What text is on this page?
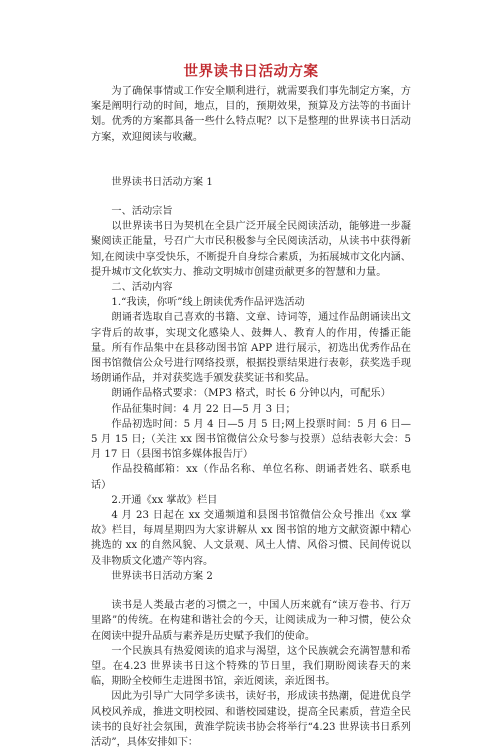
世界读书日活动方案

为了确保事情或工作安全顺利进行，就需要我们事先制定方案，方案是阐明行动的时间，地点，目的，预期效果，预算及方法等的书面计划。优秀的方案都具备一些什么特点呢？以下是整理的世界读书日活动方案，欢迎阅读与收藏。

世界读书日活动方案 1

一、活动宗旨

以世界读书日为契机在全县广泛开展全民阅读活动，能够进一步凝聚阅读正能量，号召广大市民积极参与全民阅读活动，从读书中获得新知,在阅读中享受快乐，不断提升自身综合素质，为拓展城市文化内涵、提升城市文化软实力、推动文明城市创建贡献更多的智慧和力量。

二、活动内容

1.“我读，你听”线上朗读优秀作品评选活动

朗诵者选取自己喜欢的书籍、文章、诗词等，通过作品朗诵读出文字背后的故事，实现文化感染人、鼓舞人、教育人的作用，传播正能量。所有作品集中在县移动图书馆 APP 进行展示，初选出优秀作品在图书馆微信公众号进行网络投票，根据投票结果进行表彰，获奖选手现场朗诵作品，并对获奖选手颁发获奖证书和奖品。

朗诵作品格式要求：（MP3 格式，时长 6 分钟以内，可配乐）

作品征集时间：4 月 22 日—5 月 3 日；

作品初选时间：5 月 4 日—5 月 5 日;网上投票时间：5 月 6 日—5 月 15 日;（关注 xx 图书馆微信公众号参与投票）总结表彰大会：5 月 17 日（县图书馆多媒体报告厅）

作品投稿邮箱：xx（作品名称、单位名称、朗诵者姓名、联系电话）

2.开通《xx 掌故》栏目

4 月 23 日起在 xx 交通频道和县图书馆微信公众号推出《xx 掌故》栏目，每周星期四为大家讲解从 xx 图书馆的地方文献资源中精心挑选的 xx 的自然风貌、人文景观、风土人情、风俗习惯、民间传说以及非物质文化遗产等内容。

世界读书日活动方案 2

读书是人类最古老的习惯之一，中国人历来就有“读万卷书、行万里路”的传统。在构建和谐社会的今天，让阅读成为一种习惯，使公众在阅读中提升品质与素养是历史赋予我们的使命。

一个民族具有热爱阅读的追求与渴望，这个民族就会充满智慧和希望。在4.23 世界读书日这个特殊的节日里，我们期盼阅读春天的来临，期盼全校师生走进图书馆，亲近阅读，亲近图书。

因此为引导广大同学多读书，读好书，形成读书热潮，促进优良学风校风养成，推进文明校园、和谐校园建设，提高全民素质，营造全民读书的良好社会氛围，黄淮学院读书协会将举行“4.23 世界读书日系列活动”，具体安排如下：
